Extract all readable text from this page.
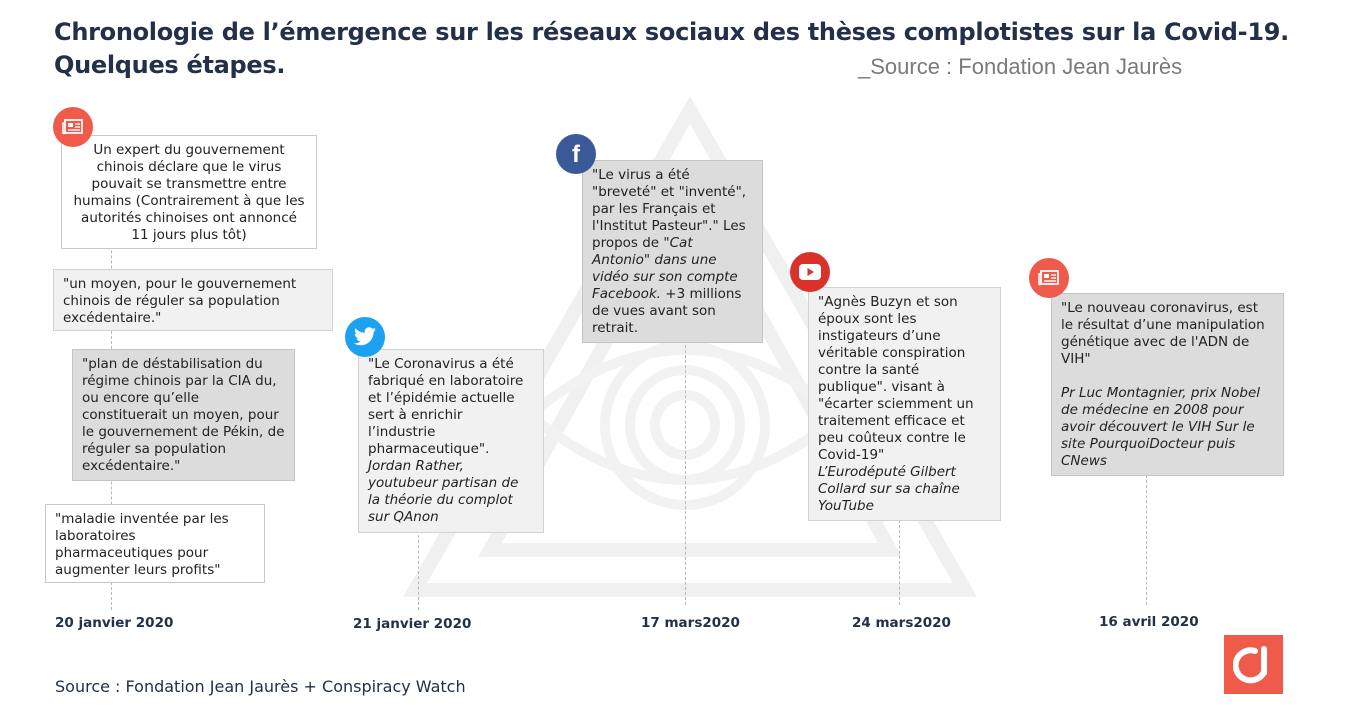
Chronologie de l’émergence sur les réseaux sociaux des thèses complotistes sur la Covid-19.
Quelques étapes.	_Source : Fondation Jean Jaurès
Un expert du gouvernement chinois déclare que le virus pouvait se transmettre entre humains (Contrairement à que les autorités chinoises ont annoncé 11 jours plus tôt)
"un moyen, pour le gouvernement chinois de réguler sa population excédentaire."
"plan de déstabilisation du régime chinois par la CIA du, ou encore qu’elle constituerait un moyen, pour le gouvernement de Pékin, de réguler sa population excédentaire."
"maladie inventée par les laboratoires pharmaceutiques pour augmenter leurs profits"
20 janvier 2020
"Le Coronavirus a été fabriqué en laboratoire et l’épidémie actuelle sert à enrichir l’industrie pharmaceutique".
Jordan Rather, youtubeur partisan de la théorie du complot sur QAnon
21 janvier 2020
"Le virus a été "breveté" et "inventé", par les Français et l'Institut Pasteur"." Les propos de "Cat Antonio" dans une vidéo sur son compte Facebook. +3 millions de vues avant son retrait.
f
17 mars2020
"Agnès Buzyn et son époux sont les instigateurs d’une véritable conspiration contre la santé publique". visant à "écarter sciemment un traitement efficace et peu coûteux contre le Covid-19"
L’Eurodéputé Gilbert Collard sur sa chaîne YouTube
24 mars2020
"Le nouveau coronavirus, est le résultat d’une manipulation génétique avec de l'ADN de VIH"
Pr Luc Montagnier, prix Nobel de médecine en 2008 pour avoir découvert le VIH Sur le site PourquoiDocteur puis CNews
16 avril 2020
Source : Fondation Jean Jaurès + Conspiracy Watch
